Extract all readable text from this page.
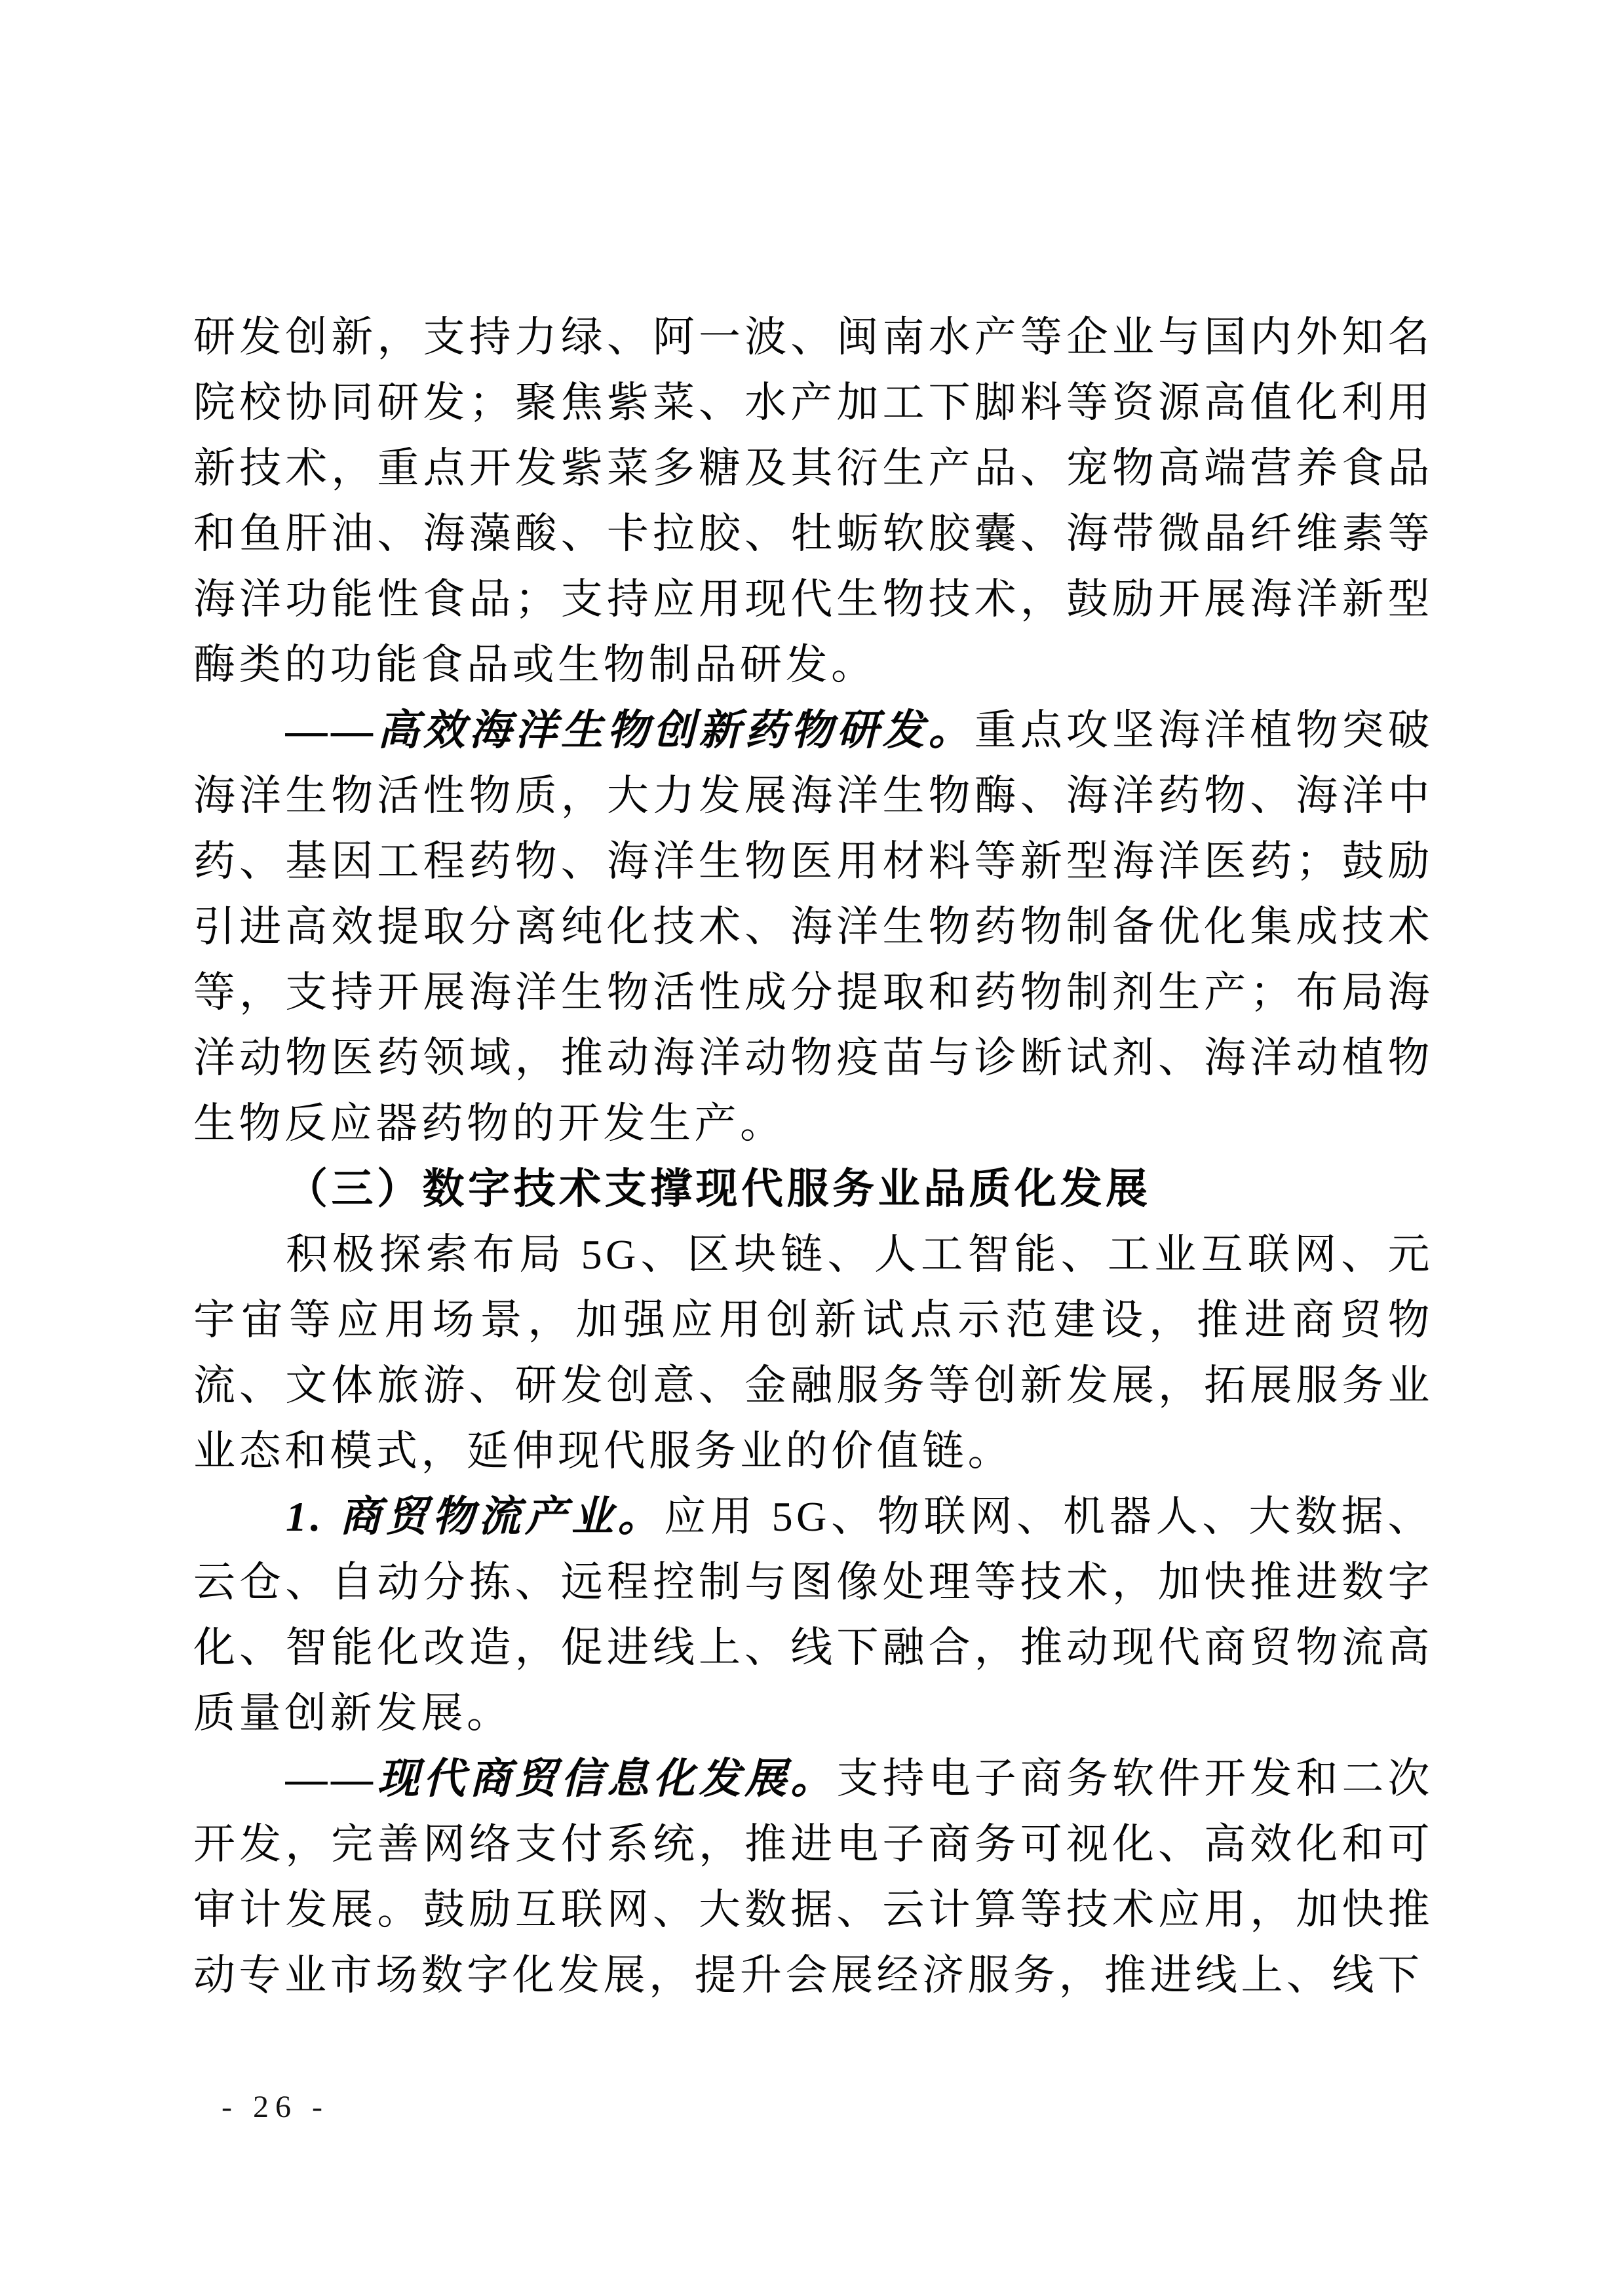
研发创新，支持力绿、阿一波、闽南水产等企业与国内外知名院校协同研发；聚焦紫菜、水产加工下脚料等资源高值化利用新技术，重点开发紫菜多糖及其衍生产品、宠物高端营养食品和鱼肝油、海藻酸、卡拉胶、牡蛎软胶囊、海带微晶纤维素等海洋功能性食品；支持应用现代生物技术，鼓励开展海洋新型酶类的功能食品或生物制品研发。

——高效海洋生物创新药物研发。重点攻坚海洋植物突破海洋生物活性物质，大力发展海洋生物酶、海洋药物、海洋中药、基因工程药物、海洋生物医用材料等新型海洋医药；鼓励引进高效提取分离纯化技术、海洋生物药物制备优化集成技术等，支持开展海洋生物活性成分提取和药物制剂生产；布局海洋动物医药领域，推动海洋动物疫苗与诊断试剂、海洋动植物生物反应器药物的开发生产。

（三）数字技术支撑现代服务业品质化发展

积极探索布局 5G、区块链、人工智能、工业互联网、元宇宙等应用场景，加强应用创新试点示范建设，推进商贸物流、文体旅游、研发创意、金融服务等创新发展，拓展服务业业态和模式，延伸现代服务业的价值链。

1. 商贸物流产业。应用 5G、物联网、机器人、大数据、云仓、自动分拣、远程控制与图像处理等技术，加快推进数字化、智能化改造，促进线上、线下融合，推动现代商贸物流高质量创新发展。

——现代商贸信息化发展。支持电子商务软件开发和二次开发，完善网络支付系统，推进电子商务可视化、高效化和可审计发展。鼓励互联网、大数据、云计算等技术应用，加快推动专业市场数字化发展，提升会展经济服务，推进线上、线下

- 26 -
